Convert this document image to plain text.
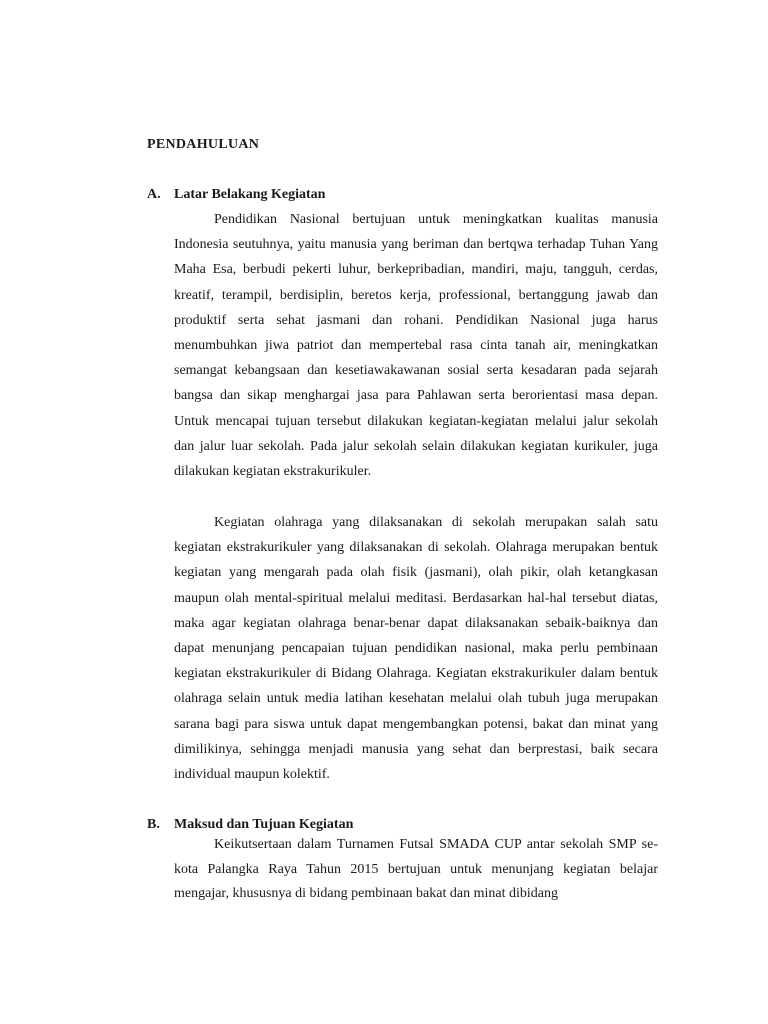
PENDAHULUAN
A. Latar Belakang Kegiatan

Pendidikan Nasional bertujuan untuk meningkatkan kualitas manusia Indonesia seutuhnya, yaitu manusia yang beriman dan bertqwa terhadap Tuhan Yang Maha Esa, berbudi pekerti luhur, berkepribadian, mandiri, maju, tangguh, cerdas, kreatif, terampil, berdisiplin, beretos kerja, professional, bertanggung jawab dan produktif serta sehat jasmani dan rohani. Pendidikan Nasional juga harus menumbuhkan jiwa patriot dan mempertebal rasa cinta tanah air, meningkatkan semangat kebangsaan dan kesetiawakawanan sosial serta kesadaran pada sejarah bangsa dan sikap menghargai jasa para Pahlawan serta berorientasi masa depan. Untuk mencapai tujuan tersebut dilakukan kegiatan-kegiatan melalui jalur sekolah dan jalur luar sekolah. Pada jalur sekolah selain dilakukan kegiatan kurikuler, juga dilakukan kegiatan ekstrakurikuler.

Kegiatan olahraga yang dilaksanakan di sekolah merupakan salah satu kegiatan ekstrakurikuler yang dilaksanakan di sekolah. Olahraga merupakan bentuk kegiatan yang mengarah pada olah fisik (jasmani), olah pikir, olah ketangkasan maupun olah mental-spiritual melalui meditasi. Berdasarkan hal-hal tersebut diatas, maka agar kegiatan olahraga benar-benar dapat dilaksanakan sebaik-baiknya dan dapat menunjang pencapaian tujuan pendidikan nasional, maka perlu pembinaan kegiatan ekstrakurikuler di Bidang Olahraga. Kegiatan ekstrakurikuler dalam bentuk olahraga selain untuk media latihan kesehatan melalui olah tubuh juga merupakan sarana bagi para siswa untuk dapat mengembangkan potensi, bakat dan minat yang dimilikinya, sehingga menjadi manusia yang sehat dan berprestasi, baik secara individual maupun kolektif.

B. Maksud dan Tujuan Kegiatan

Keikutsertaan dalam Turnamen Futsal SMADA CUP antar sekolah SMP se-kota Palangka Raya Tahun 2015 bertujuan untuk menunjang kegiatan belajar mengajar, khususnya di bidang pembinaan bakat dan minat dibidang
